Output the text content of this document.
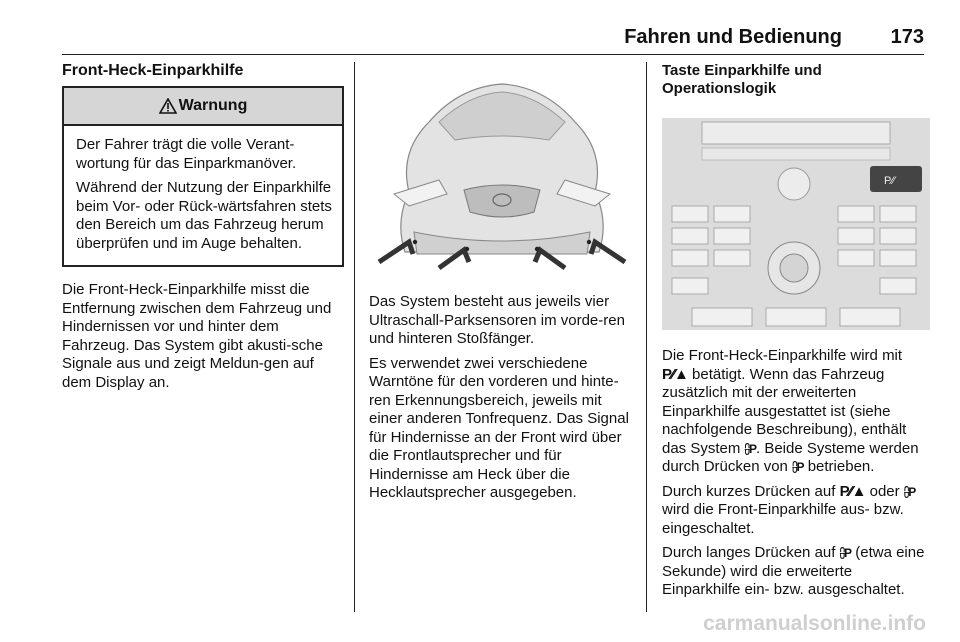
Fahren und Bedienung 173
Front-Heck-Einparkhilfe
Warnung

Der Fahrer trägt die volle Verant-wortung für das Einparkmanöver.

Während der Nutzung der Einparkhilfe beim Vor- oder Rück-wärtsfahren stets den Bereich um das Fahrzeug herum überprüfen und im Auge behalten.

Die Front-Heck-Einparkhilfe misst die Entfernung zwischen dem Fahrzeug und Hindernissen vor und hinter dem Fahrzeug. Das System gibt akusti-sche Signale aus und zeigt Meldun-gen auf dem Display an.

Das System besteht aus jeweils vier Ultraschall-Parksensoren im vorde-ren und hinteren Stoßfänger.

Es verwendet zwei verschiedene Warntöne für den vorderen und hinte-ren Erkennungsbereich, jeweils mit einer anderen Tonfrequenz. Das Signal für Hindernisse an der Front wird über die Frontlautsprecher und für Hindernisse am Heck über die Hecklautsprecher ausgegeben.

Taste Einparkhilfe und Operationslogik
P⁄⁄

Die Front-Heck-Einparkhilfe wird mit P⁄⁄▲ betätigt. Wenn das Fahrzeug zusätzlich mit der erweiterten Einparkhilfe ausgestattet ist (siehe nachfolgende Beschreibung), enthält das System ⩉P. Beide Systeme werden durch Drücken von ⩉P betrieben.

Durch kurzes Drücken auf P⁄⁄▲ oder ⩉P wird die Front-Einparkhilfe aus- bzw. eingeschaltet.

Durch langes Drücken auf ⩉P (etwa eine Sekunde) wird die erweiterte Einparkhilfe ein- bzw. ausgeschaltet.

carmanualsonline.info
